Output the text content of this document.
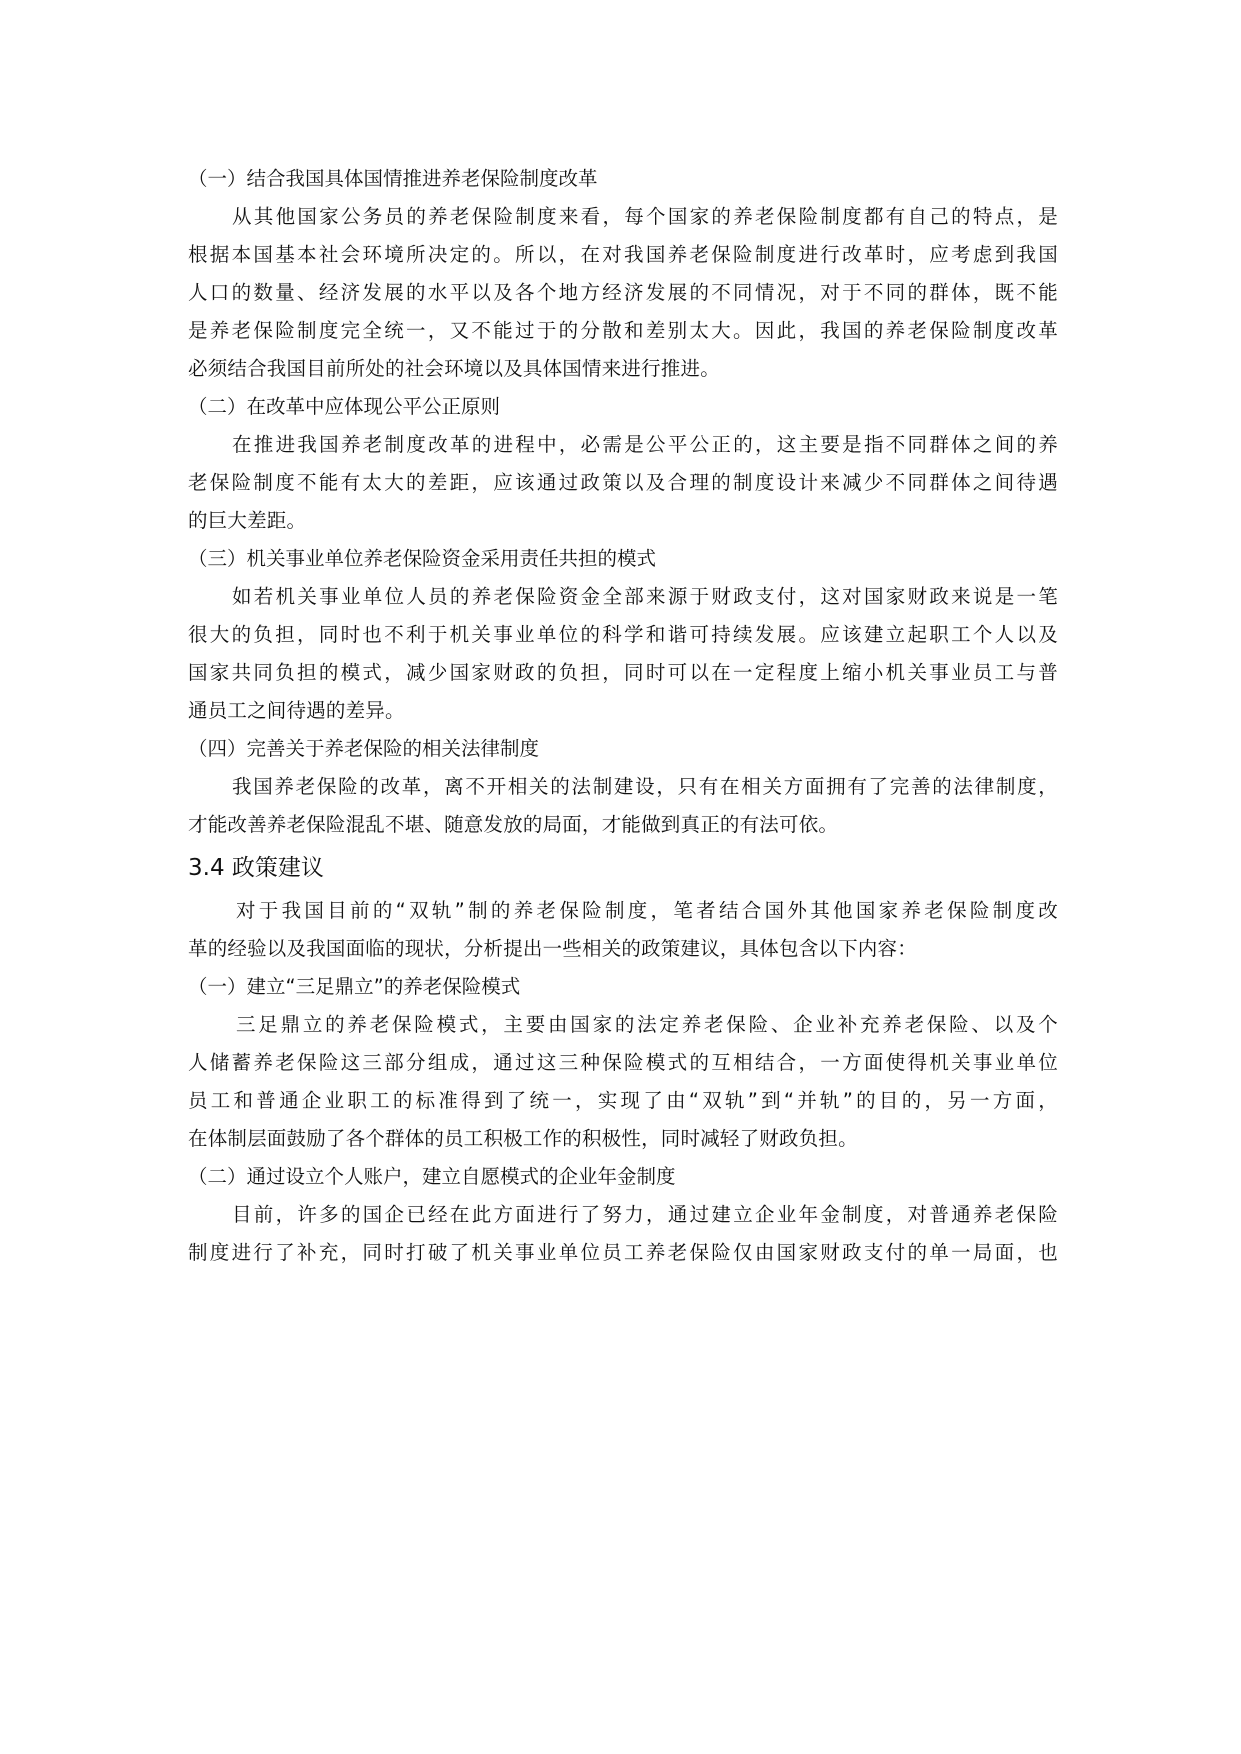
（一）结合我国具体国情推进养老保险制度改革
从其他国家公务员的养老保险制度来看，每个国家的养老保险制度都有自己的特点，是
根据本国基本社会环境所决定的。所以，在对我国养老保险制度进行改革时，应考虑到我国
人口的数量、经济发展的水平以及各个地方经济发展的不同情况，对于不同的群体，既不能
是养老保险制度完全统一，又不能过于的分散和差别太大。因此，我国的养老保险制度改革
必须结合我国目前所处的社会环境以及具体国情来进行推进。
（二）在改革中应体现公平公正原则
在推进我国养老制度改革的进程中，必需是公平公正的，这主要是指不同群体之间的养
老保险制度不能有太大的差距，应该通过政策以及合理的制度设计来减少不同群体之间待遇
的巨大差距。
（三）机关事业单位养老保险资金采用责任共担的模式
如若机关事业单位人员的养老保险资金全部来源于财政支付，这对国家财政来说是一笔
很大的负担，同时也不利于机关事业单位的科学和谐可持续发展。应该建立起职工个人以及
国家共同负担的模式，减少国家财政的负担，同时可以在一定程度上缩小机关事业员工与普
通员工之间待遇的差异。
（四）完善关于养老保险的相关法律制度
我国养老保险的改革，离不开相关的法制建设，只有在相关方面拥有了完善的法律制度，
才能改善养老保险混乱不堪、随意发放的局面，才能做到真正的有法可依。
3.4 政策建议
对于我国目前的“双轨”制的养老保险制度，笔者结合国外其他国家养老保险制度改
革的经验以及我国面临的现状，分析提出一些相关的政策建议，具体包含以下内容：
（一）建立“三足鼎立”的养老保险模式
三足鼎立的养老保险模式，主要由国家的法定养老保险、企业补充养老保险、以及个
人储蓄养老保险这三部分组成，通过这三种保险模式的互相结合，一方面使得机关事业单位
员工和普通企业职工的标准得到了统一，实现了由“双轨”到“并轨”的目的，另一方面，
在体制层面鼓励了各个群体的员工积极工作的积极性，同时减轻了财政负担。
（二）通过设立个人账户，建立自愿模式的企业年金制度
目前，许多的国企已经在此方面进行了努力，通过建立企业年金制度，对普通养老保险
制度进行了补充，同时打破了机关事业单位员工养老保险仅由国家财政支付的单一局面，也
